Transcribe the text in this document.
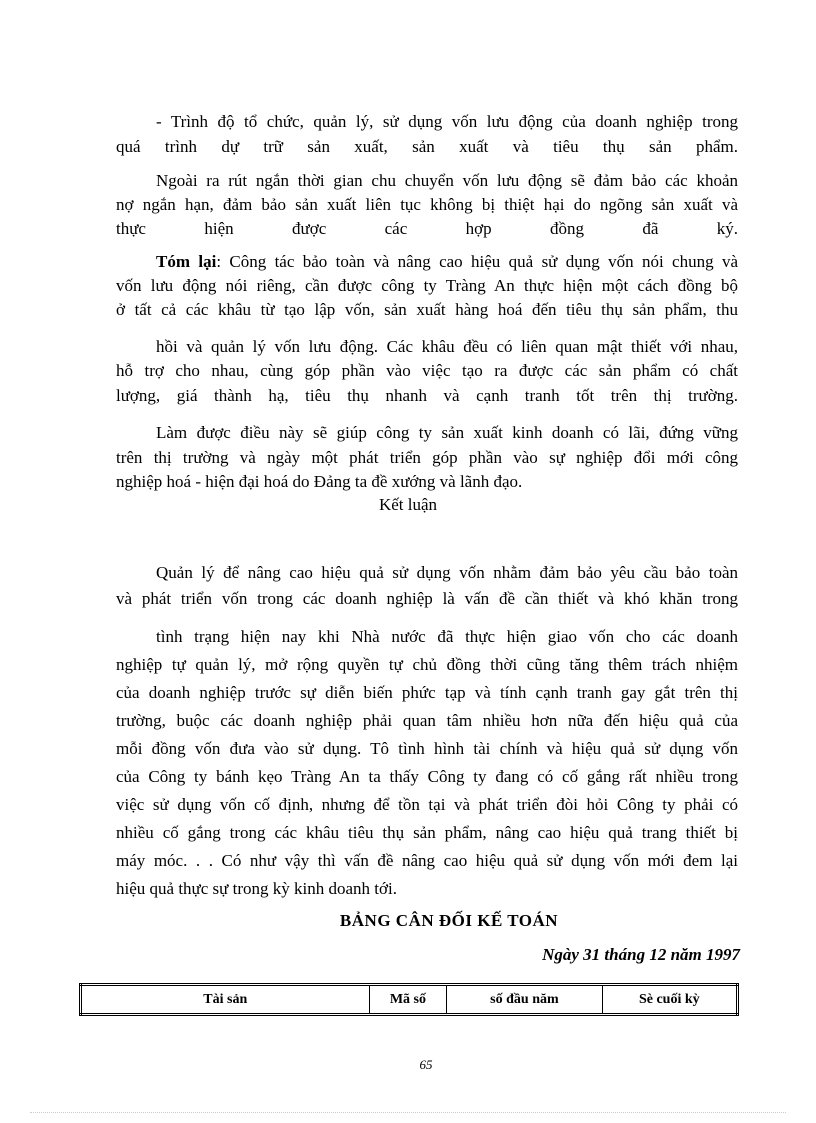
- Trình độ tổ chức, quản lý, sử dụng vốn lưu động của doanh nghiệp trong

quá trình dự trữ sản xuất, sản xuất và tiêu thụ sản phẩm.

Ngoài ra rút ngắn thời gian chu chuyển vốn lưu động sẽ đảm bảo các khoản

nợ ngắn hạn, đảm bảo sản xuất liên tục không bị thiệt hại do ngõng sản xuất và

thực hiện được các hợp đồng đã ký.

Tóm lại: Công tác bảo toàn và nâng cao hiệu quả sử dụng vốn nói chung và

vốn lưu động nói riêng, cần được công ty Tràng An thực hiện một cách đồng bộ

ở tất cả các khâu từ tạo lập vốn, sản xuất hàng hoá đến tiêu thụ sản phẩm, thu

hồi và quản lý vốn lưu động. Các khâu đều có liên quan mật thiết với nhau,

hỗ trợ cho nhau, cùng góp phần vào việc tạo ra được các sản phẩm có chất

lượng, giá thành hạ, tiêu thụ nhanh và cạnh tranh tốt trên thị trường.

Làm được điều này sẽ giúp công ty sản xuất kinh doanh có lãi, đứng vững

trên thị trường và ngày một phát triển góp phần vào sự nghiệp đổi mới công

nghiệp hoá - hiện đại hoá do Đảng ta đề xướng và lãnh đạo.

Kết luận

Quản lý để nâng cao hiệu quả sử dụng vốn nhằm đảm bảo yêu cầu bảo toàn

và phát triển vốn trong các doanh nghiệp là vấn đề cần thiết và khó khăn trong

tình trạng hiện nay khi Nhà nước đã thực hiện giao vốn cho các doanh

nghiệp tự quản lý, mở rộng quyền tự chủ đồng thời cũng tăng thêm trách nhiệm

của doanh nghiệp trước sự diễn biến phức tạp và tính cạnh tranh gay gắt trên thị

trường, buộc các doanh nghiệp phải quan tâm nhiều hơn nữa đến hiệu quả của

mỗi đồng vốn đưa vào sử dụng. Tô tình hình tài chính và hiệu quả sử dụng vốn

của Công ty bánh kẹo Tràng An ta thấy Công ty đang có cố gắng rất nhiều trong

việc sử dụng vốn cố định, nhưng để tồn tại và phát triển đòi hỏi Công ty phải có

nhiều cố gắng trong các khâu tiêu thụ sản phẩm, nâng cao hiệu quả trang thiết bị

máy móc. . . Có như vậy thì vấn đề nâng cao hiệu quả sử dụng vốn mới đem lại

hiệu quả thực sự trong kỳ kinh doanh tới.

BẢNG CÂN ĐỐI KẾ TOÁN
Ngày 31 tháng 12 năm 1997
Tài sản	Mã số	số đầu năm	Sè cuối kỳ
65
